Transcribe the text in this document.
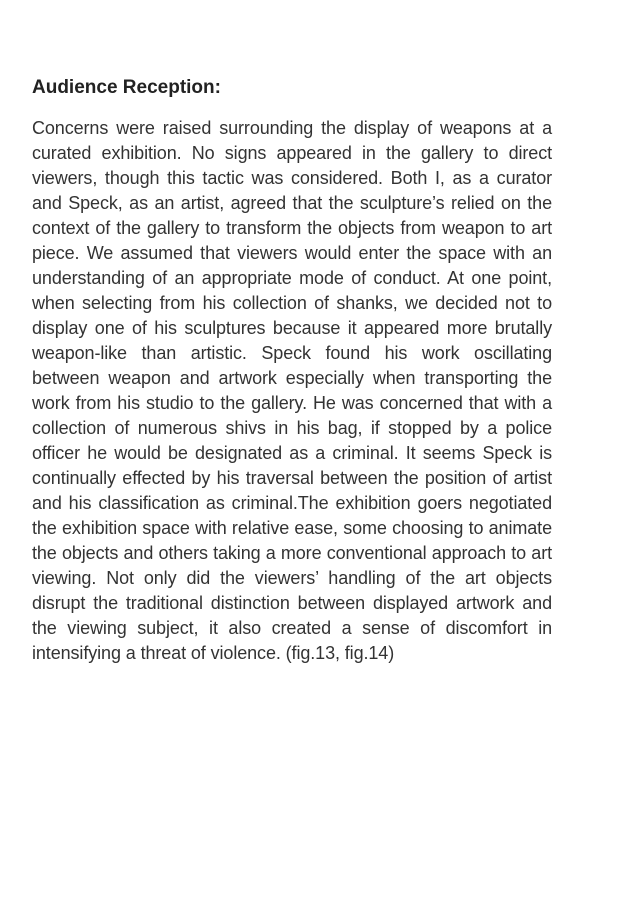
Audience Reception:

Concerns were raised surrounding the display of weapons at a curated exhibition. No signs appeared in the gallery to direct viewers, though this tactic was considered. Both I, as a curator and Speck, as an artist, agreed that the sculpture’s relied on the context of the gallery to transform the objects from weapon to art piece. We assumed that viewers would enter the space with an understanding of an appropriate mode of conduct. At one point, when selecting from his collection of shanks, we decided not to display one of his sculptures because it appeared more brutally weapon-like than artistic. Speck found his work oscillating between weapon and artwork especially when transporting the work from his studio to the gallery. He was concerned that with a collection of numerous shivs in his bag, if stopped by a police officer he would be designated as a criminal. It seems Speck is continually effected by his traversal between the position of artist and his classification as criminal.The exhibition goers negotiated the exhibition space with relative ease, some choosing to animate the objects and others taking a more conventional approach to art viewing. Not only did the viewers’ handling of the art objects disrupt the traditional distinction between displayed artwork and the viewing subject, it also created a sense of discomfort in intensifying a threat of violence. (fig.13, fig.14)
